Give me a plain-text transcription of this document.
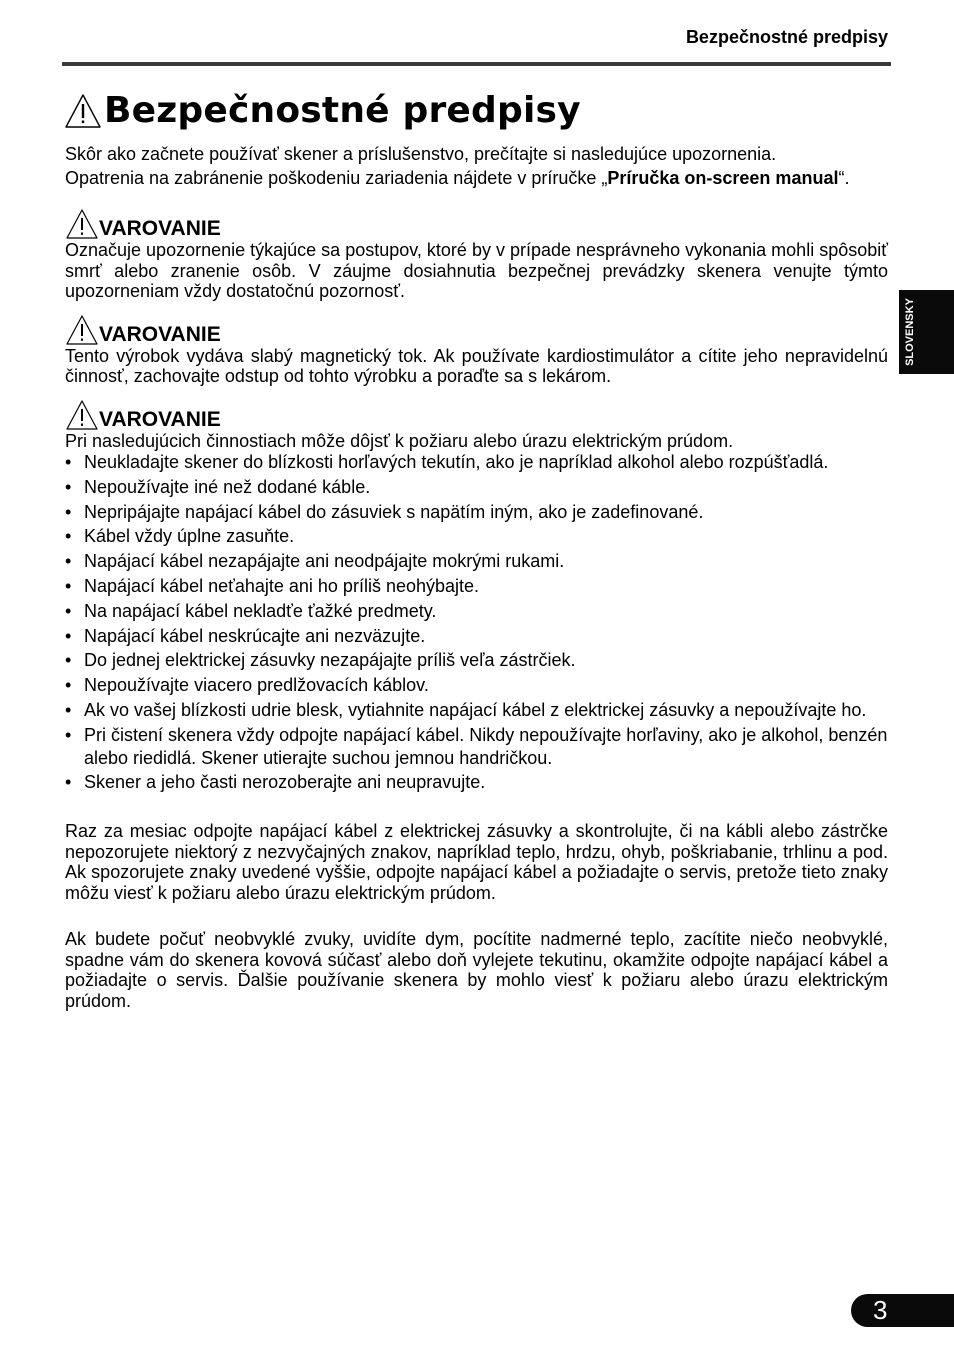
Bezpečnostné predpisy
Bezpečnostné predpisy

Skôr ako začnete používať skener a príslušenstvo, prečítajte si nasledujúce upozornenia.

Opatrenia na zabránenie poškodeniu zariadenia nájdete v príručke „Príručka on-screen manual“.

VAROVANIE

Označuje upozornenie týkajúce sa postupov, ktoré by v prípade nesprávneho vykonania mohli spôsobiť smrť alebo zranenie osôb. V záujme dosiahnutia bezpečnej prevádzky skenera venujte týmto upozorneniam vždy dostatočnú pozornosť.

VAROVANIE

Tento výrobok vydáva slabý magnetický tok. Ak používate kardiostimulátor a cítite jeho nepravidelnú činnosť, zachovajte odstup od tohto výrobku a poraďte sa s lekárom.

VAROVANIE

Pri nasledujúcich činnostiach môže dôjsť k požiaru alebo úrazu elektrickým prúdom.

• Neukladajte skener do blízkosti horľavých tekutín, ako je napríklad alkohol alebo rozpúšťadlá.
• Nepoužívajte iné než dodané káble.
• Nepripájajte napájací kábel do zásuviek s napätím iným, ako je zadefinované.
• Kábel vždy úplne zasuňte.
• Napájací kábel nezapájajte ani neodpájajte mokrými rukami.
• Napájací kábel neťahajte ani ho príliš neohýbajte.
• Na napájací kábel nekladťe ťažké predmety.
• Napájací kábel neskrúcajte ani nezväzujte.
• Do jednej elektrickej zásuvky nezapájajte príliš veľa zástrčiek.
• Nepoužívajte viacero predlžovacích káblov.
• Ak vo vašej blízkosti udrie blesk, vytiahnite napájací kábel z elektrickej zásuvky a nepoužívajte ho.
• Pri čistení skenera vždy odpojte napájací kábel. Nikdy nepoužívajte horľaviny, ako je alkohol, benzén alebo riedidlá. Skener utierajte suchou jemnou handričkou.
• Skener a jeho časti nerozoberajte ani neupravujte.

Raz za mesiac odpojte napájací kábel z elektrickej zásuvky a skontrolujte, či na kábli alebo zástrčke nepozorujete niektorý z nezvyčajných znakov, napríklad teplo, hrdzu, ohyb, poškriabanie, trhlinu a pod. Ak spozorujete znaky uvedené vyššie, odpojte napájací kábel a požiadajte o servis, pretože tieto znaky môžu viesť k požiaru alebo úrazu elektrickým prúdom.

Ak budete počuť neobvyklé zvuky, uvidíte dym, pocítite nadmerné teplo, zacítite niečo neobvyklé, spadne vám do skenera kovová súčasť alebo doň vylejete tekutinu, okamžite odpojte napájací kábel a požiadajte o servis. Ďalšie používanie skenera by mohlo viesť k požiaru alebo úrazu elektrickým prúdom.

SLOVENSKY
3
